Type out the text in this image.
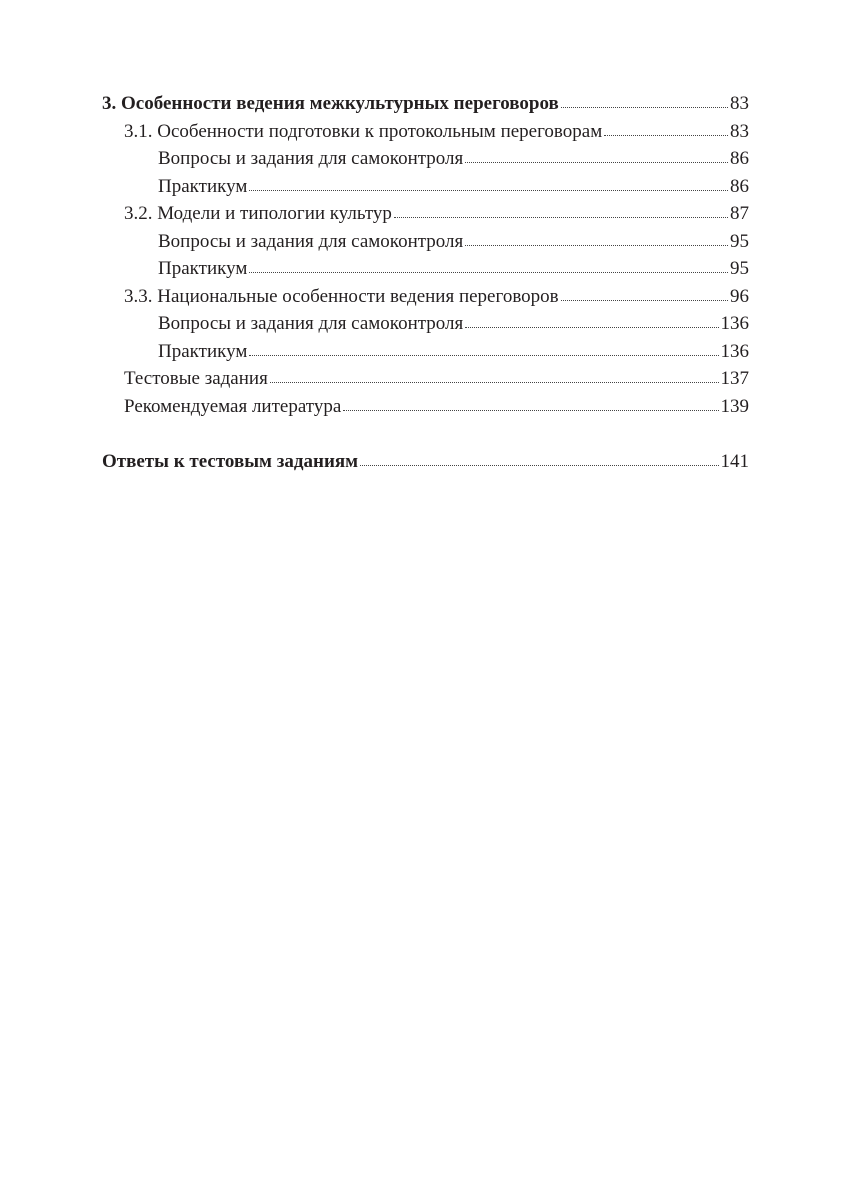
3. Особенности ведения межкультурных переговоров	83
3.1. Особенности подготовки к протокольным переговорам	83
Вопросы и задания для самоконтроля	86
Практикум	86
3.2. Модели и типологии культур	87
Вопросы и задания для самоконтроля	95
Практикум	95
3.3. Национальные особенности ведения переговоров	96
Вопросы и задания для самоконтроля	136
Практикум	136
Тестовые задания	137
Рекомендуемая литература	139
Ответы к тестовым заданиям	141
